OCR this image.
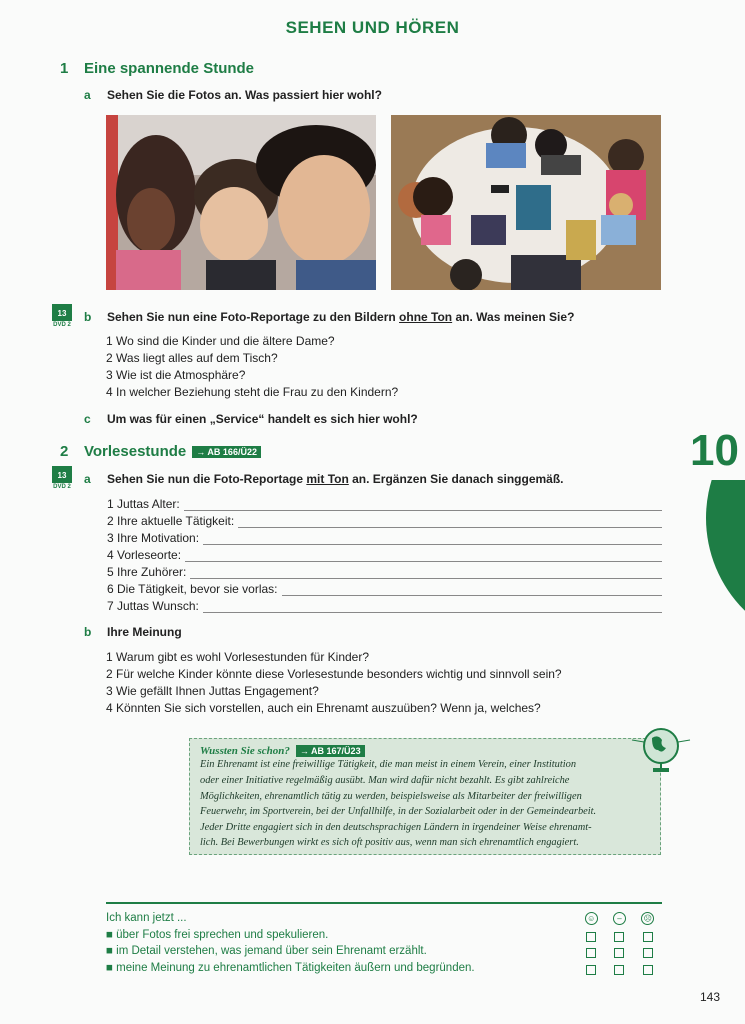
SEHEN UND HÖREN
10
1 Eine spannende Stunde
a Sehen Sie die Fotos an. Was passiert hier wohl?
13
DVD 2
b Sehen Sie nun eine Foto-Reportage zu den Bildern ohne Ton an. Was meinen Sie?
1 Wo sind die Kinder und die ältere Dame?
2 Was liegt alles auf dem Tisch?
3 Wie ist die Atmosphäre?
4 In welcher Beziehung steht die Frau zu den Kindern?
c Um was für einen „Service“ handelt es sich hier wohl?
2 Vorlesestunde → AB 166/Ü22
13
DVD 2
a Sehen Sie nun die Foto-Reportage mit Ton an. Ergänzen Sie danach singgemäß.
1 Juttas Alter:
2 Ihre aktuelle Tätigkeit:
3 Ihre Motivation:
4 Vorleseorte:
5 Ihre Zuhörer:
6 Die Tätigkeit, bevor sie vorlas:
7 Juttas Wunsch:
b Ihre Meinung
1 Warum gibt es wohl Vorlesestunden für Kinder?
2 Für welche Kinder könnte diese Vorlesestunde besonders wichtig und sinnvoll sein?
3 Wie gefällt Ihnen Juttas Engagement?
4 Könnten Sie sich vorstellen, auch ein Ehrenamt auszuüben? Wenn ja, welches?
Wussten Sie schon? → AB 167/Ü23
Ein Ehrenamt ist eine freiwillige Tätigkeit, die man meist in einem Verein, einer Institution
oder einer Initiative regelmäßig ausübt. Man wird dafür nicht bezahlt. Es gibt zahlreiche
Möglichkeiten, ehrenamtlich tätig zu werden, beispielsweise als Mitarbeiter der freiwilligen
Feuerwehr, im Sportverein, bei der Unfallhilfe, in der Sozialarbeit oder in der Gemeindearbeit.
Jeder Dritte engagiert sich in den deutschsprachigen Ländern in irgendeiner Weise ehrenamt-
lich. Bei Bewerbungen wirkt es sich oft positiv aus, wenn man sich ehrenamtlich engagiert.
Ich kann jetzt ...	☺	–	☹
■ über Fotos frei sprechen und spekulieren.
■ im Detail verstehen, was jemand über sein Ehrenamt erzählt.
■ meine Meinung zu ehrenamtlichen Tätigkeiten äußern und begründen.
143
